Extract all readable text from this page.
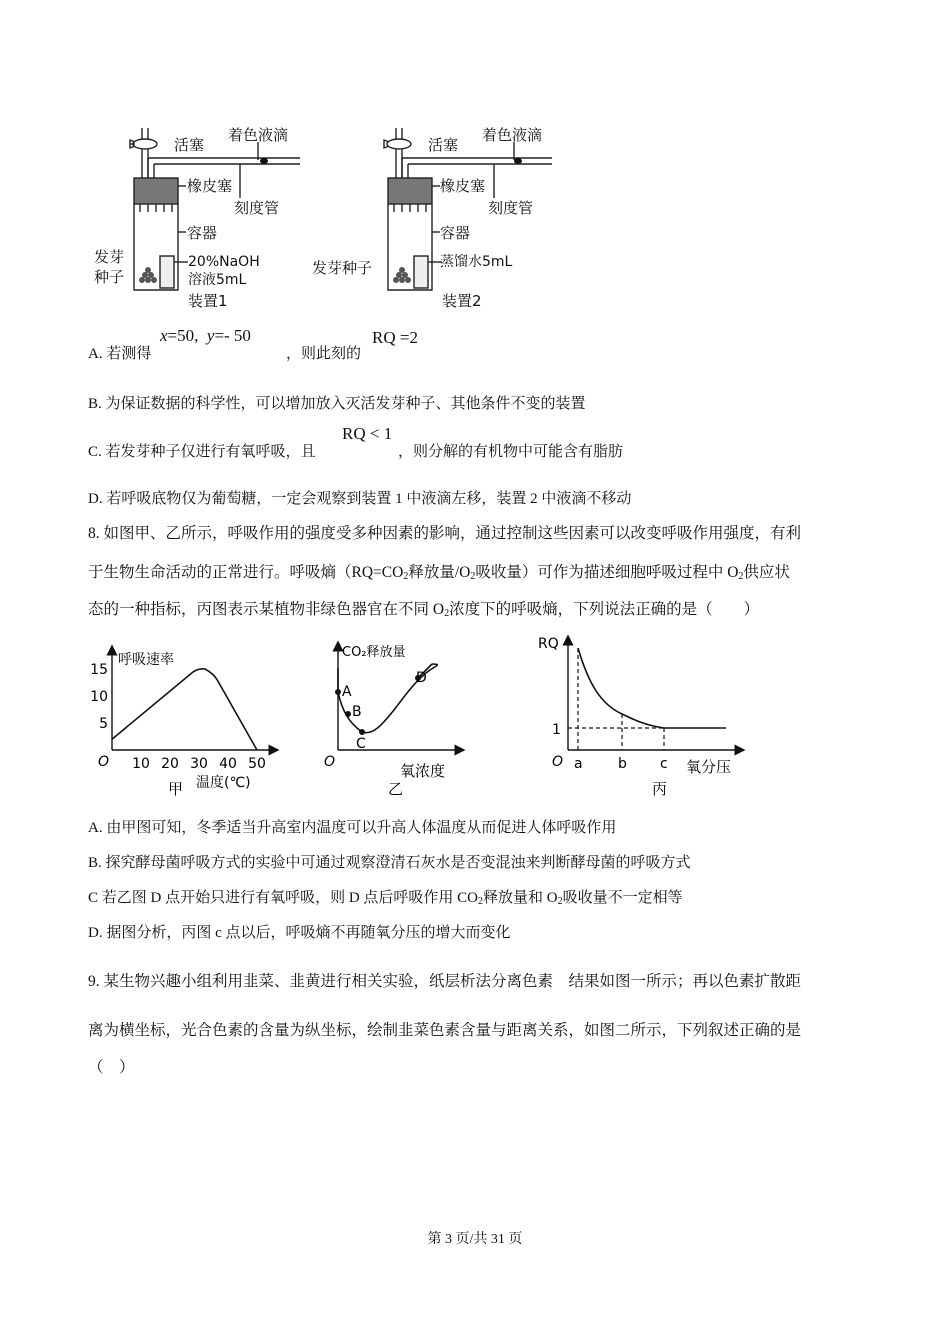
活塞
着色液滴
橡皮塞
刻度管
容器
发芽
种子
20%NaOH
溶液5mL
装置1
活塞
着色液滴
橡皮塞
刻度管
容器
发芽种子	蒸馏水5mL
装置2
A. 若测得
x=50, y=- 50
，则此刻的
RQ =2
B. 为保证数据的科学性，可以增加放入灭活发芽种子、其他条件不变的装置
C. 若发芽种子仅进行有氧呼吸，且
RQ < 1
，则分解的有机物中可能含有脂肪
D. 若呼吸底物仅为葡萄糖，一定会观察到装置 1 中液滴左移，装置 2 中液滴不移动
8. 如图甲、乙所示，呼吸作用的强度受多种因素的影响，通过控制这些因素可以改变呼吸作用强度，有利
于生物生命活动的正常进行。呼吸熵（$RQ=CO_2$释放量$/O_2$吸收量）可作为描述细胞呼吸过程中 $O_2$供应状
态的一种指标，丙图表示某植物非绿色器官在不同 $O_2$浓度下的呼吸熵，下列说法正确的是（　　）
呼吸速率
O 10 20 30 40 50
5
10
15
温度(℃)
甲
CO₂释放量
A
B
C
D
O	氧浓度
乙
RQ
1
O a	b c 氧分压
丙
A. 由甲图可知，冬季适当升高室内温度可以升高人体温度从而促进人体呼吸作用
B. 探究酵母菌呼吸方式的实验中可通过观察澄清石灰水是否变混浊来判断酵母菌的呼吸方式
C 若乙图 D 点开始只进行有氧呼吸，则 D 点后呼吸作用 $CO_2$释放量和 $O_2$吸收量不一定相等
D. 据图分析，丙图 c 点以后，呼吸熵不再随氧分压的增大而变化
9. 某生物兴趣小组利用韭菜、韭黄进行相关实验，纸层析法分离色素　结果如图一所示；再以色素扩散距
离为横坐标，光合色素的含量为纵坐标，绘制韭菜色素含量与距离关系，如图二所示，下列叙述正确的是
（　）
第 3 页/共 31 页
